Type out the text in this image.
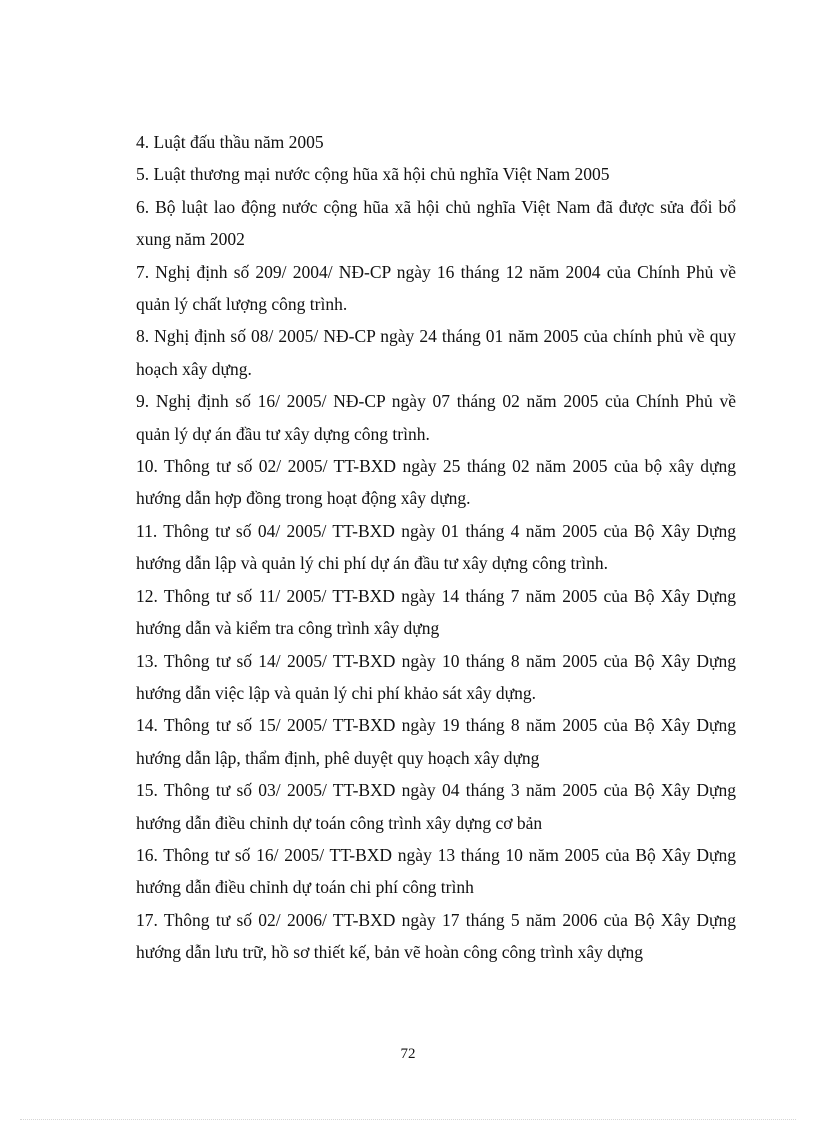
4. Luật đấu thầu năm 2005

5. Luật thương mại nước cộng hũa xã hội chủ nghĩa Việt Nam 2005

6. Bộ luật lao động nước cộng hũa xã hội chủ nghĩa Việt Nam đã được sửa đổi bổ xung năm 2002

7. Nghị định số 209/ 2004/ NĐ-CP ngày 16 tháng 12 năm 2004 của Chính Phủ về quản lý chất lượng công trình.

8. Nghị định số 08/ 2005/ NĐ-CP ngày 24 tháng 01 năm 2005 của chính phủ về quy hoạch xây dựng.

9. Nghị định số 16/ 2005/ NĐ-CP ngày 07 tháng 02 năm 2005 của Chính Phủ về quản lý dự án đầu tư xây dựng công trình.

10. Thông tư số 02/ 2005/ TT-BXD ngày 25 tháng 02 năm 2005 của bộ xây dựng hướng dẫn hợp đồng trong hoạt động xây dựng.

11. Thông tư số 04/ 2005/ TT-BXD ngày 01 tháng 4 năm 2005 của Bộ Xây Dựng hướng dẫn lập và quản lý chi phí dự án đầu tư xây dựng công trình.

12. Thông tư số 11/ 2005/ TT-BXD ngày 14 tháng 7 năm 2005 của Bộ Xây Dựng hướng dẫn và kiểm tra công trình xây dựng

13. Thông tư số 14/ 2005/ TT-BXD ngày 10 tháng 8 năm 2005 của Bộ Xây Dựng hướng dẫn việc lập và quản lý chi phí khảo sát xây dựng.

14. Thông tư số 15/ 2005/ TT-BXD ngày 19 tháng 8 năm 2005 của Bộ Xây Dựng hướng dẫn lập, thẩm định, phê duyệt quy hoạch xây dựng

15. Thông tư số 03/ 2005/ TT-BXD ngày 04 tháng 3 năm 2005 của Bộ Xây Dựng hướng dẫn điều chỉnh dự toán công trình xây dựng cơ bản

16. Thông tư số 16/ 2005/ TT-BXD ngày 13 tháng 10 năm 2005 của Bộ Xây Dựng hướng dẫn điều chỉnh dự toán chi phí công trình

17. Thông tư số 02/ 2006/ TT-BXD ngày 17 tháng 5 năm 2006 của Bộ Xây Dựng hướng dẫn lưu trữ, hồ sơ thiết kế, bản vẽ hoàn công công trình xây dựng

72
